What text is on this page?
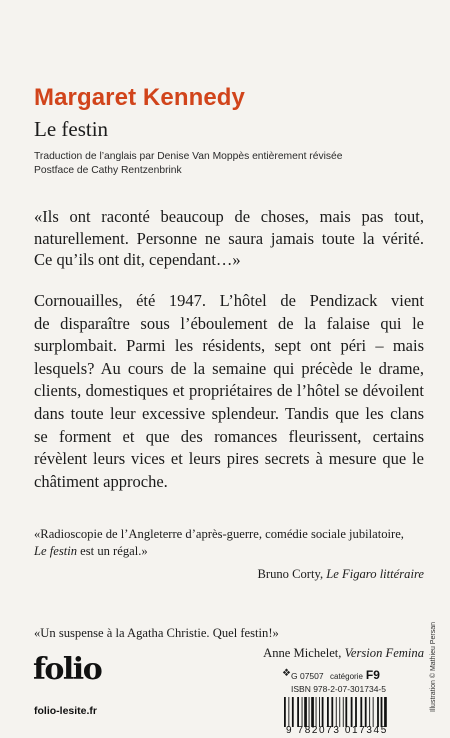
Margaret Kennedy
Le festin
Traduction de l’anglais par Denise Van Moppès entièrement révisée
Postface de Cathy Rentzenbrink
«Ils ont raconté beaucoup de choses, mais pas tout,
naturellement. Personne ne saura jamais toute la vérité.
Ce qu’ils ont dit, cependant…»
Cornouailles, été 1947. L’hôtel de Pendizack vient
de disparaître sous l’éboulement de la falaise qui le
surplombait. Parmi les résidents, sept ont péri – mais
lesquels? Au cours de la semaine qui précède le drame,
clients, domestiques et propriétaires de l’hôtel se dévoilent
dans toute leur excessive splendeur. Tandis que les clans
se forment et que des romances fleurissent, certains
révèlent leurs vices et leurs pires secrets à mesure que le
châtiment approche.
«Radioscopie de l’Angleterre d’après-guerre, comédie sociale jubilatoire,
Le festin est un régal.»
Bruno Corty, Le Figaro littéraire
«Un suspense à la Agatha Christie. Quel festin!»
Anne Michelet, Version Femina
folio
folio-lesite.fr
❖ G 07507 catégorie F9
ISBN 978-2-07-301734-5
9 782073 017345
Illustration © Mathieu Persan
